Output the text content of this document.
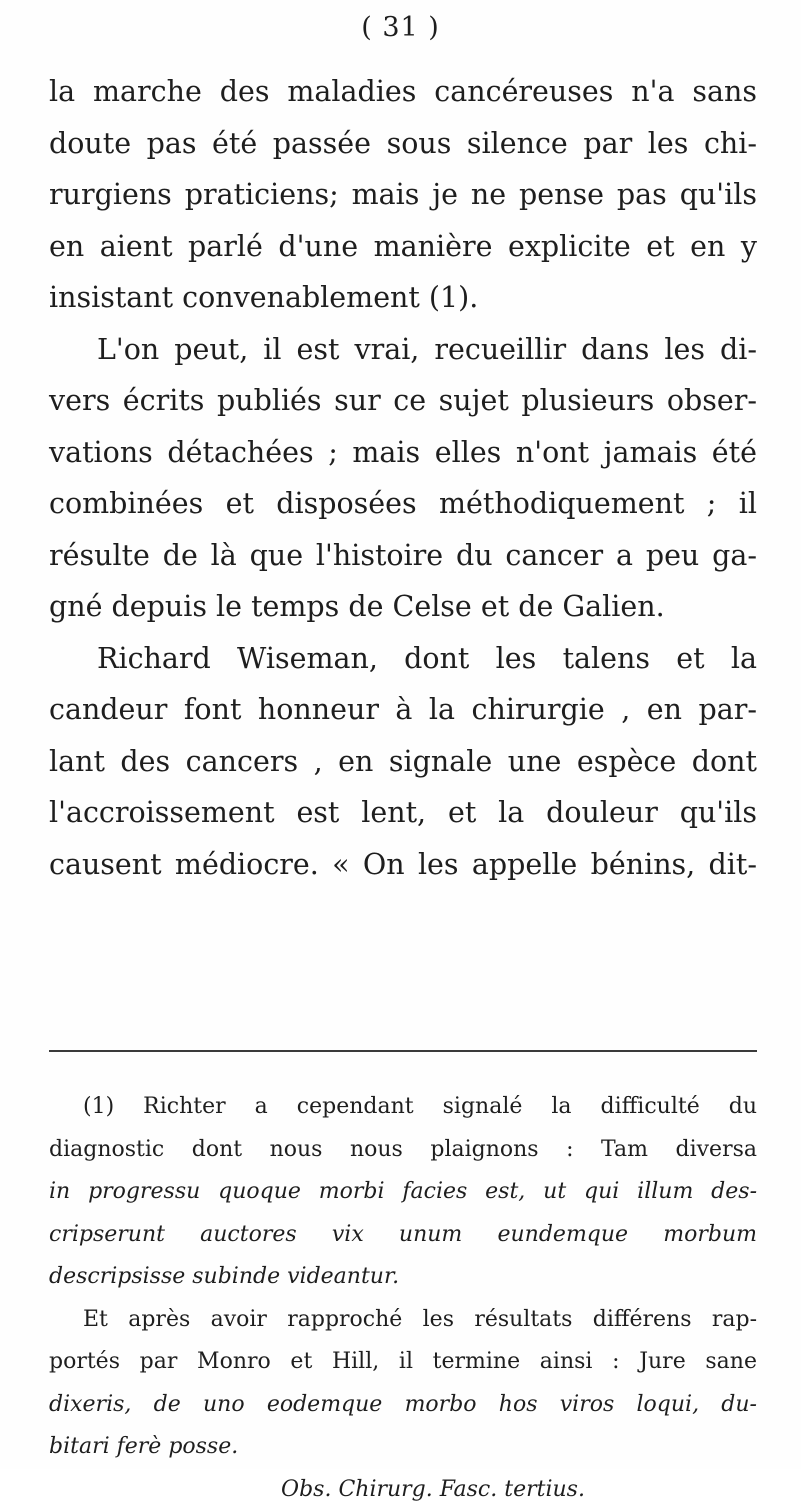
( 31 )
la marche des maladies cancéreuses n'a sans
doute pas été passée sous silence par les chi-
rurgiens praticiens; mais je ne pense pas qu'ils
en aient parlé d'une manière explicite et en y
insistant convenablement (1).
L'on peut, il est vrai, recueillir dans les di-
vers écrits publiés sur ce sujet plusieurs obser-
vations détachées ; mais elles n'ont jamais été
combinées et disposées méthodiquement ; il
résulte de là que l'histoire du cancer a peu ga-
gné depuis le temps de Celse et de Galien.
Richard Wiseman, dont les talens et la
candeur font honneur à la chirurgie , en par-
lant des cancers , en signale une espèce dont
l'accroissement est lent, et la douleur qu'ils
causent médiocre. « On les appelle bénins, dit-
(1) Richter a cependant signalé la difficulté du
diagnostic dont nous nous plaignons : Tam diversa
in progressu quoque morbi facies est, ut qui illum des-
cripserunt auctores vix unum eundemque morbum
descripsisse subinde videantur.
Et après avoir rapproché les résultats différens rap-
portés par Monro et Hill, il termine ainsi : Jure sane
dixeris, de uno eodemque morbo hos viros loqui, du-
bitari ferè posse.
Obs. Chirurg. Fasc. tertius.
